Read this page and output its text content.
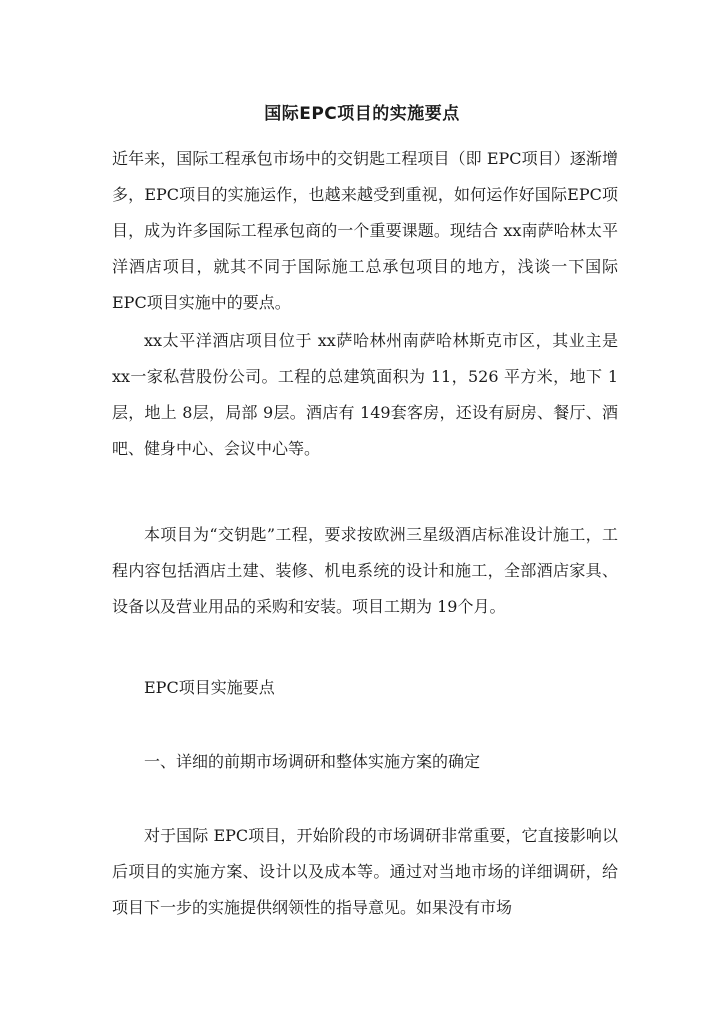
国际EPC项目的实施要点

近年来，国际工程承包市场中的交钥匙工程项目（即 EPC项目）逐渐增多，EPC项目的实施运作，也越来越受到重视，如何运作好国际EPC项目，成为许多国际工程承包商的一个重要课题。现结合 xx南萨哈林太平洋酒店项目，就其不同于国际施工总承包项目的地方，浅谈一下国际 EPC项目实施中的要点。

xx太平洋酒店项目位于 xx萨哈林州南萨哈林斯克市区，其业主是 xx一家私营股份公司。工程的总建筑面积为 11，526 平方米，地下 1层，地上 8层，局部 9层。酒店有 149套客房，还设有厨房、餐厅、酒吧、健身中心、会议中心等。

本项目为“交钥匙”工程，要求按欧洲三星级酒店标准设计施工，工程内容包括酒店土建、装修、机电系统的设计和施工，全部酒店家具、设备以及营业用品的采购和安装。项目工期为 19个月。

EPC项目实施要点

一、详细的前期市场调研和整体实施方案的确定

对于国际 EPC项目，开始阶段的市场调研非常重要，它直接影响以后项目的实施方案、设计以及成本等。通过对当地市场的详细调研，给项目下一步的实施提供纲领性的指导意见。如果没有市场
